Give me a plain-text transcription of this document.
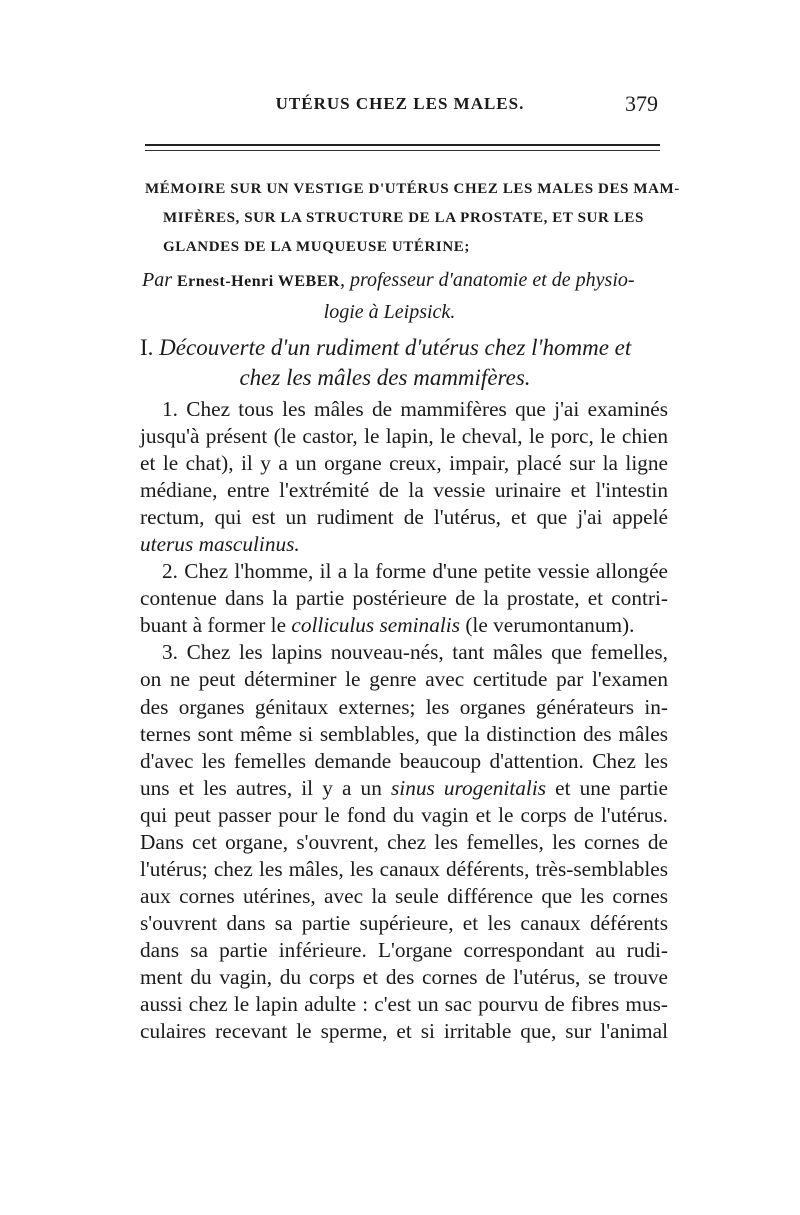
UTÉRUS CHEZ LES MALES.	379
MÉMOIRE SUR UN VESTIGE D'UTÉRUS CHEZ LES MALES DES MAM-
MIFÈRES, SUR LA STRUCTURE DE LA PROSTATE, ET SUR LES
GLANDES DE LA MUQUEUSE UTÉRINE;
Par Ernest-Henri WEBER, professeur d'anatomie et de physio-
logie à Leipsick.
I. Découverte d'un rudiment d'utérus chez l'homme et
chez les mâles des mammifères.
1. Chez tous les mâles de mammifères que j'ai examinés
jusqu'à présent (le castor, le lapin, le cheval, le porc, le chien
et le chat), il y a un organe creux, impair, placé sur la ligne
médiane, entre l'extrémité de la vessie urinaire et l'intestin
rectum, qui est un rudiment de l'utérus, et que j'ai appelé
uterus masculinus.
2. Chez l'homme, il a la forme d'une petite vessie allongée
contenue dans la partie postérieure de la prostate, et contri-
buant à former le colliculus seminalis (le verumontanum).
3. Chez les lapins nouveau-nés, tant mâles que femelles,
on ne peut déterminer le genre avec certitude par l'examen
des organes génitaux externes; les organes générateurs in-
ternes sont même si semblables, que la distinction des mâles
d'avec les femelles demande beaucoup d'attention. Chez les
uns et les autres, il y a un sinus urogenitalis et une partie
qui peut passer pour le fond du vagin et le corps de l'utérus.
Dans cet organe, s'ouvrent, chez les femelles, les cornes de
l'utérus; chez les mâles, les canaux déférents, très-semblables
aux cornes utérines, avec la seule différence que les cornes
s'ouvrent dans sa partie supérieure, et les canaux déférents
dans sa partie inférieure. L'organe correspondant au rudi-
ment du vagin, du corps et des cornes de l'utérus, se trouve
aussi chez le lapin adulte : c'est un sac pourvu de fibres mus-
culaires recevant le sperme, et si irritable que, sur l'animal
